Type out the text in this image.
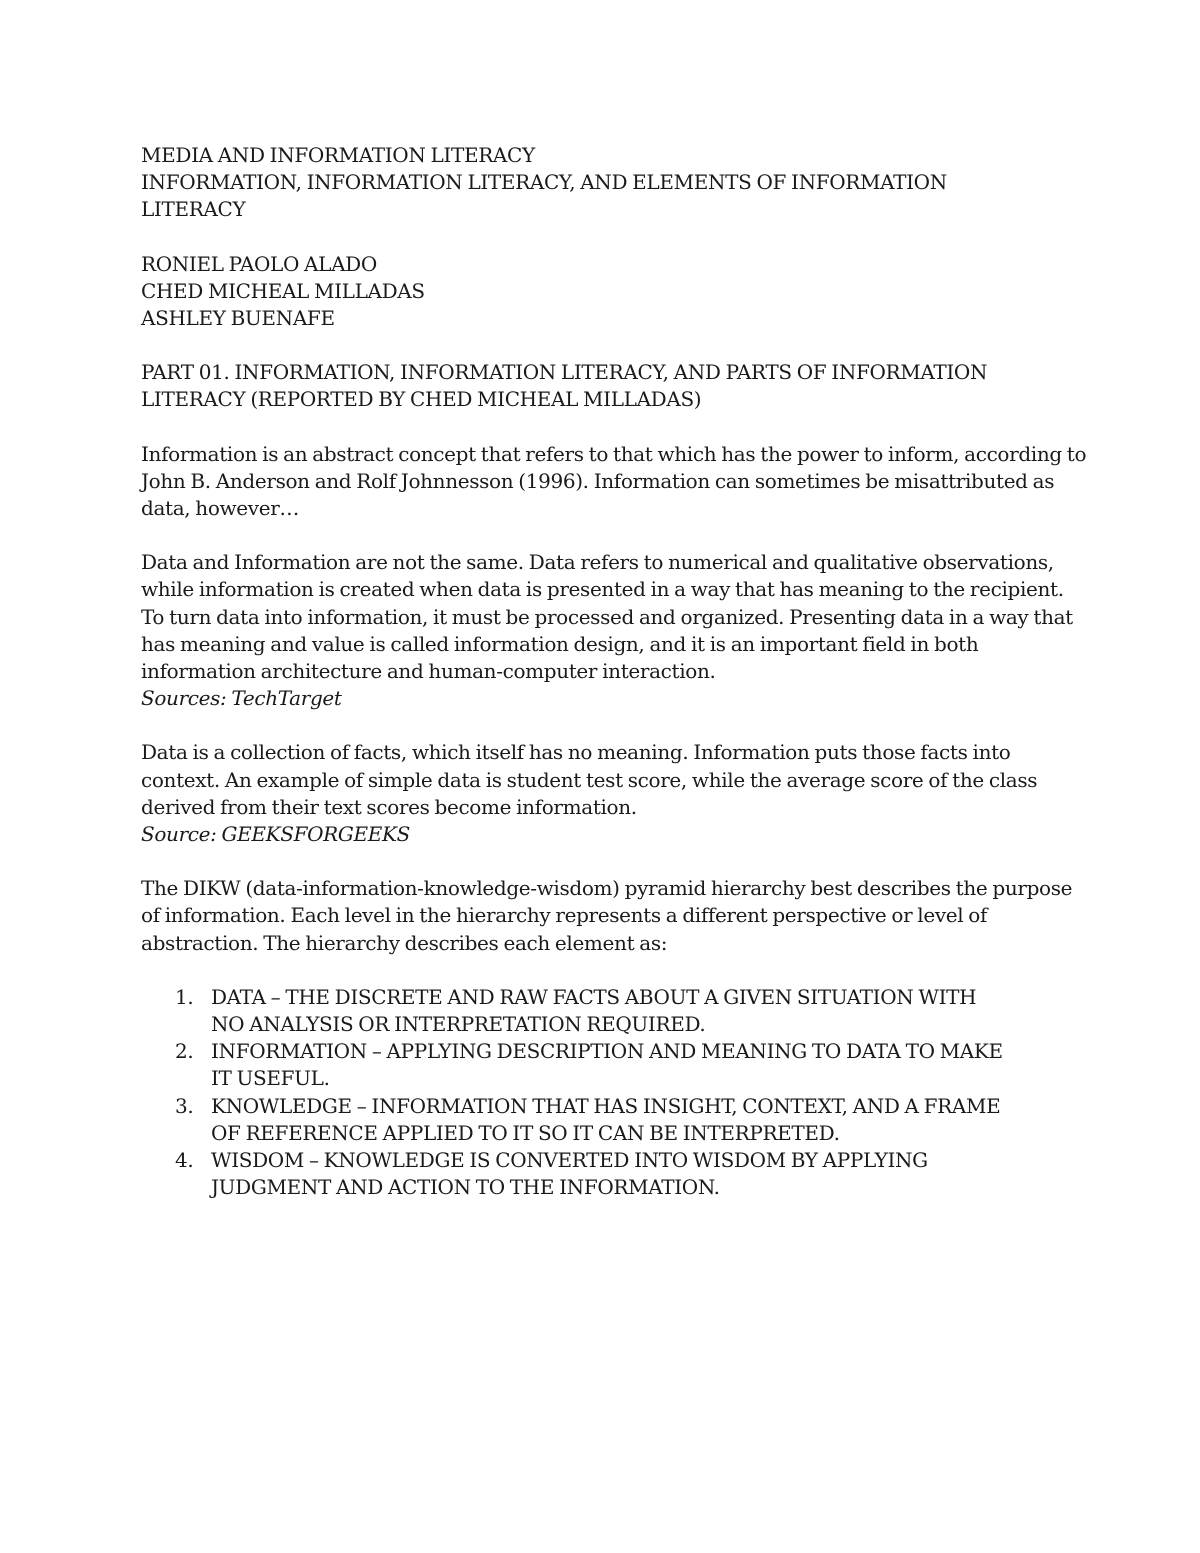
MEDIA AND INFORMATION LITERACY
INFORMATION, INFORMATION LITERACY, AND ELEMENTS OF INFORMATION
LITERACY
RONIEL PAOLO ALADO
CHED MICHEAL MILLADAS
ASHLEY BUENAFE
PART 01. INFORMATION, INFORMATION LITERACY, AND PARTS OF INFORMATION
LITERACY (REPORTED BY CHED MICHEAL MILLADAS)
Information is an abstract concept that refers to that which has the power to inform, according to
John B. Anderson and Rolf Johnnesson (1996). Information can sometimes be misattributed as
data, however…
Data and Information are not the same. Data refers to numerical and qualitative observations,
while information is created when data is presented in a way that has meaning to the recipient.
To turn data into information, it must be processed and organized. Presenting data in a way that
has meaning and value is called information design, and it is an important field in both
information architecture and human-computer interaction.
Sources: TechTarget
Data is a collection of facts, which itself has no meaning. Information puts those facts into
context. An example of simple data is student test score, while the average score of the class
derived from their text scores become information.
Source: GEEKSFORGEEKS
The DIKW (data-information-knowledge-wisdom) pyramid hierarchy best describes the purpose
of information. Each level in the hierarchy represents a different perspective or level of
abstraction. The hierarchy describes each element as:
1. DATA – THE DISCRETE AND RAW FACTS ABOUT A GIVEN SITUATION WITH
NO ANALYSIS OR INTERPRETATION REQUIRED.
2. INFORMATION – APPLYING DESCRIPTION AND MEANING TO DATA TO MAKE
IT USEFUL.
3. KNOWLEDGE – INFORMATION THAT HAS INSIGHT, CONTEXT, AND A FRAME
OF REFERENCE APPLIED TO IT SO IT CAN BE INTERPRETED.
4. WISDOM – KNOWLEDGE IS CONVERTED INTO WISDOM BY APPLYING
JUDGMENT AND ACTION TO THE INFORMATION.
